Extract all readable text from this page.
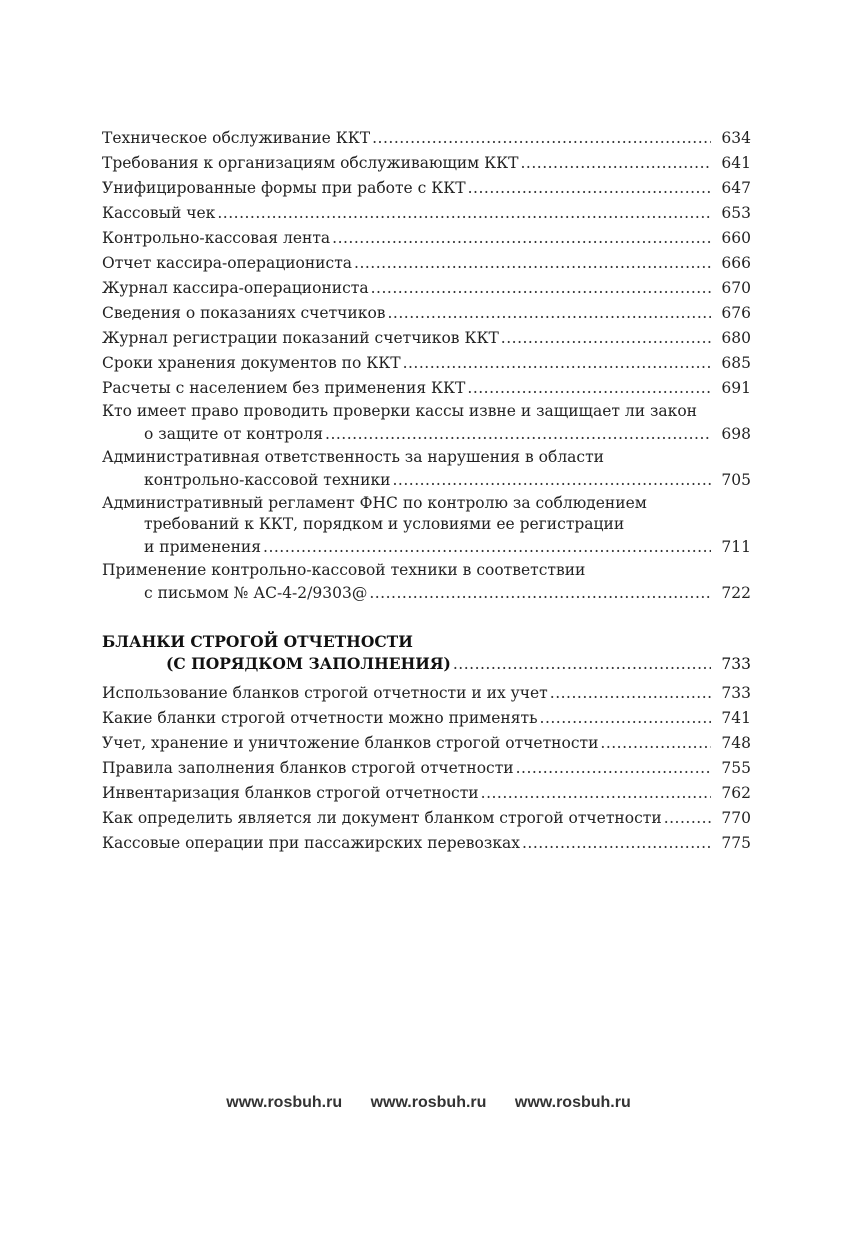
Техническое обслуживание ККТ .....	634
Требования к организациям обслуживающим ККТ .....	641
Унифицированные формы при работе с ККТ .....	647
Кассовый чек .....	653
Контрольно-кассовая лента .....	660
Отчет кассира-операциониста .....	666
Журнал кассира-операциониста .....	670
Сведения о показаниях счетчиков .....	676
Журнал регистрации показаний счетчиков ККТ .....	680
Сроки хранения документов по ККТ .....	685
Расчеты с населением без применения ККТ .....	691
Кто имеет право проводить проверки кассы извне и защищает ли закон
о защите от контроля .....	698
Административная ответственность за нарушения в области
контрольно-кассовой техники .....	705
Административный регламент ФНС по контролю за соблюдением
требований к ККТ, порядком и условиями ее регистрации
и применения .....	711
Применение контрольно-кассовой техники в соответствии
с письмом № АС-4-2/9303@ .....	722
БЛАНКИ СТРОГОЙ ОТЧЕТНОСТИ
(С ПОРЯДКОМ ЗАПОЛНЕНИЯ) .....	733
Использование бланков строгой отчетности и их учет .....	733
Какие бланки строгой отчетности можно применять .....	741
Учет, хранение и уничтожение бланков строгой отчетности .....	748
Правила заполнения бланков строгой отчетности .....	755
Инвентаризация бланков строгой отчетности .....	762
Как определить является ли документ бланком строгой отчетности .....	770
Кассовые операции при пассажирских перевозках .....	775
www.rosbuh.ru www.rosbuh.ru www.rosbuh.ru
